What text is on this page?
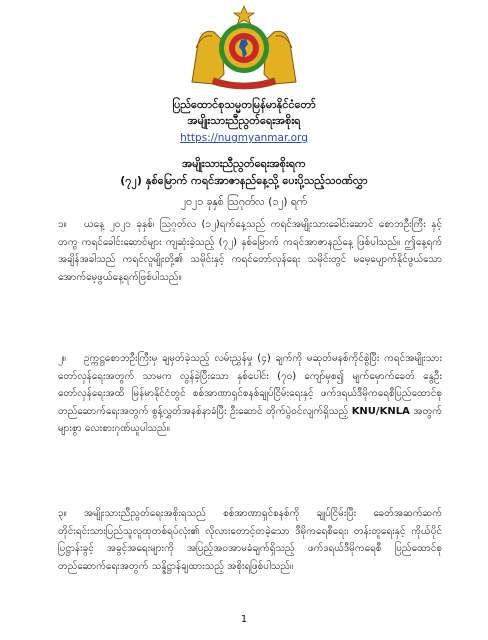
ပြည်ထောင်စုသမ္မတမြန်မာနိုင်ငံတော်
အမျိုးသားညီညွတ်ရေးအစိုးရ
https://nugmyanmar.org
အမျိုးသားညီညွတ်ရေးအစိုးရက
(၇၂) နှစ်မြောက် ကရင်အာဇာနည်နေ့သို့ ပေးပို့သည့်သဝဏ်လွှာ
၂၀၂၁ ခုနှစ် ဩဂုတ်လ (၁၂) ရက်
၁။ ယနေ့ ၂၀၂၁ ခုနှစ်၊ ဩဂုတ်လ (၁၂)ရက်နေ့သည် ကရင်အမျိုးသားခေါင်းဆောင် စောဘဦးကြီး နှင့်တကွ ကရင်ခေါင်းဆောင်များ ကျဆုံးခဲ့သည့် (၇၂) နှစ်မြောက် ကရင်အာဇာနည်နေ့ ဖြစ်ပါသည်။ ဤနေ့ရက်အချိန်အခါသည် ကရင်လူမျိုးတို့၏ သမိုင်းနှင့် ကရင်တော်လှန်ရေး သမိုင်းတွင် မမေ့ပျောက်နိုင်ဖွယ်သော အောက်မေ့ဖွယ်နေ့ရက်ဖြစ်ပါသည်။
၂။ ဥက္ကဋ္ဌစောဘဦးကြီးမှ ချမှတ်ခဲ့သည့် လမ်းညွှန်မှု (၄) ချက်ကို မဆုတ်မနစ်ကိုင်စွဲပြီး ကရင်အမျိုးသား တော်လှန်ရေးအတွက် သာမက လွန်ခဲ့ပြီးသော နှစ်ပေါင်း (၇၀) ကျော်မှစ၍ မျက်မှောက်ခေတ် နွေဦးတော်လှန်ရေးအထိ မြန်မာနိုင်ငံတွင် စစ်အာဏာရှင်စနစ်ချုပ်ငြိမ်းရေးနှင့် ဖက်ဒရယ်ဒီမိုကရေစီပြည်ထောင်စု တည်ဆောက်ရေးအတွက် စွန့်လွှတ်အနစ်နာခံပြီး ဦးဆောင် တိုက်ပွဲဝင်လျက်ရှိသည့် KNU/KNLA အတွက် များစွာ လေးစားဂုဏ်ယူပါသည်။
၃။ အမျိုးသားညီညွတ်ရေးအစိုးရသည် စစ်အာဏာရှင်စနစ်ကို ချုပ်ငြိမ်းပြီး ခေတ်အဆက်ဆက် တိုင်းရင်းသားပြည်သူလူထုတစ်ရပ်လုံး၏ လိုလားတောင့်တခဲ့သော ဒီမိုကရေစီရေး၊ တန်းတူရေးနှင့် ကိုယ်ပိုင်ပြဋ္ဌာန်းခွင့် အခွင့်အရေးများကို အပြည့်အဝအာမခံချက်ရှိသည့် ဖက်ဒရယ်ဒီမိုကရေစီ ပြည်ထောင်စု တည်ဆောက်ရေးအတွက် သန္နိဋ္ဌာန်ချထားသည့် အစိုးရဖြစ်ပါသည်။
1
